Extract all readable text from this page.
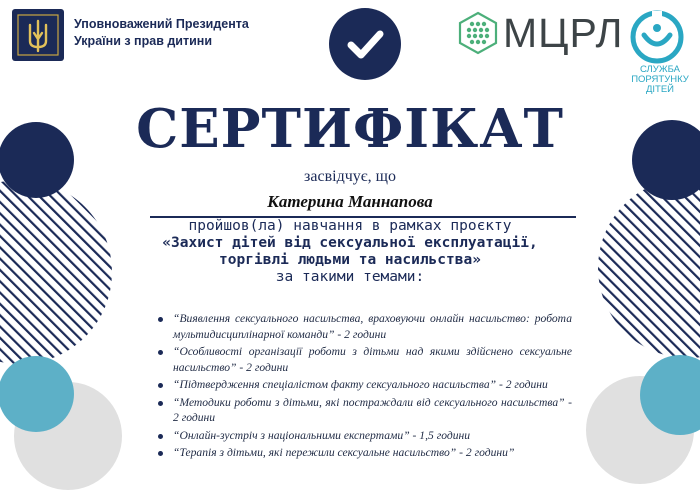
Уповноважений Президента
України з прав дитини	МЦРЛ
СЛУЖБА
ПОРЯТУНКУ
ДІТЕЙ
СЕРТИФІКАТ
засвідчує, що
Катерина Маннапова
пройшов(ла) навчання в рамках проєкту
«Захист дітей від сексуальної експлуатації,
торгівлі людьми та насильства»
за такими темами:
“Виявлення сексуального насильства, враховуючи онлайн насильство: робота мультидисциплінарної команди” - 2 години
“Особливості організації роботи з дітьми над якими здійснено сексуальне насильство” - 2 години
“Підтвердження спеціалістом факту сексуального насильства” - 2 години
“Методики роботи з дітьми, які постраждали від сексуального насильства” - 2 години
“Онлайн-зустріч з національними експертами” - 1,5 години
“Терапія з дітьми, які пережили сексуальне насильство” - 2 години”
